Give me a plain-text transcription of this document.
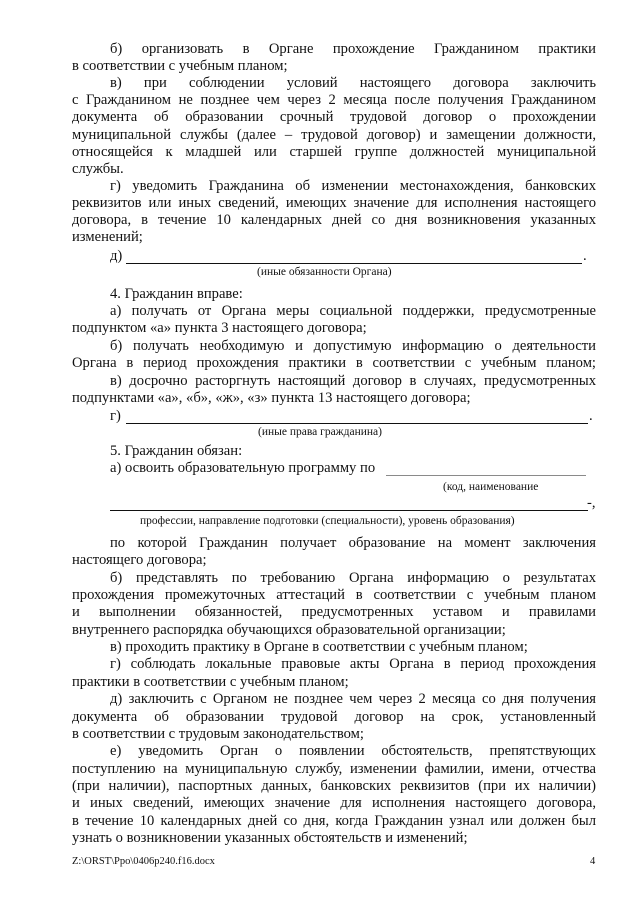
б) организовать в Органе прохождение Гражданином практики
в соответствии с учебным планом;
в) при соблюдении условий настоящего договора заключить
с Гражданином не позднее чем через 2 месяца после получения Гражданином
документа об образовании срочный трудовой договор о прохождении
муниципальной службы (далее – трудовой договор) и замещении должности,
относящейся к младшей или старшей группе должностей муниципальной
службы.
г) уведомить Гражданина об изменении местонахождения, банковских
реквизитов или иных сведений, имеющих значение для исполнения настоящего
договора, в течение 10 календарных дней со дня возникновения указанных
изменений;
д)	.
(иные обязанности Органа)
4. Гражданин вправе:
а) получать от Органа меры социальной поддержки, предусмотренные
подпунктом «а» пункта 3 настоящего договора;
б) получать необходимую и допустимую информацию о деятельности
Органа в период прохождения практики в соответствии с учебным планом;
в) досрочно расторгнуть настоящий договор в случаях, предусмотренных
подпунктами «а», «б», «ж», «з» пункта 13 настоящего договора;
г)	.
(иные права гражданина)
5. Гражданин обязан:
а) освоить образовательную программу по
(код, наименование
-,
профессии, направление подготовки (специальности), уровень образования)
по которой Гражданин получает образование на момент заключения
настоящего договора;
б) представлять по требованию Органа информацию о результатах
прохождения промежуточных аттестаций в соответствии с учебным планом
и выполнении обязанностей, предусмотренных уставом и правилами
внутреннего распорядка обучающихся образовательной организации;
в) проходить практику в Органе в соответствии с учебным планом;
г) соблюдать локальные правовые акты Органа в период прохождения
практики в соответствии с учебным планом;
д) заключить с Органом не позднее чем через 2 месяца со дня получения
документа об образовании трудовой договор на срок, установленный
в соответствии с трудовым законодательством;
е) уведомить Орган о появлении обстоятельств, препятствующих
поступлению на муниципальную службу, изменении фамилии, имени, отчества
(при наличии), паспортных данных, банковских реквизитов (при их наличии)
и иных сведений, имеющих значение для исполнения настоящего договора,
в течение 10 календарных дней со дня, когда Гражданин узнал или должен был
узнать о возникновении указанных обстоятельств и изменений;
Z:\ORST\Ppo\0406p240.f16.docx	4
